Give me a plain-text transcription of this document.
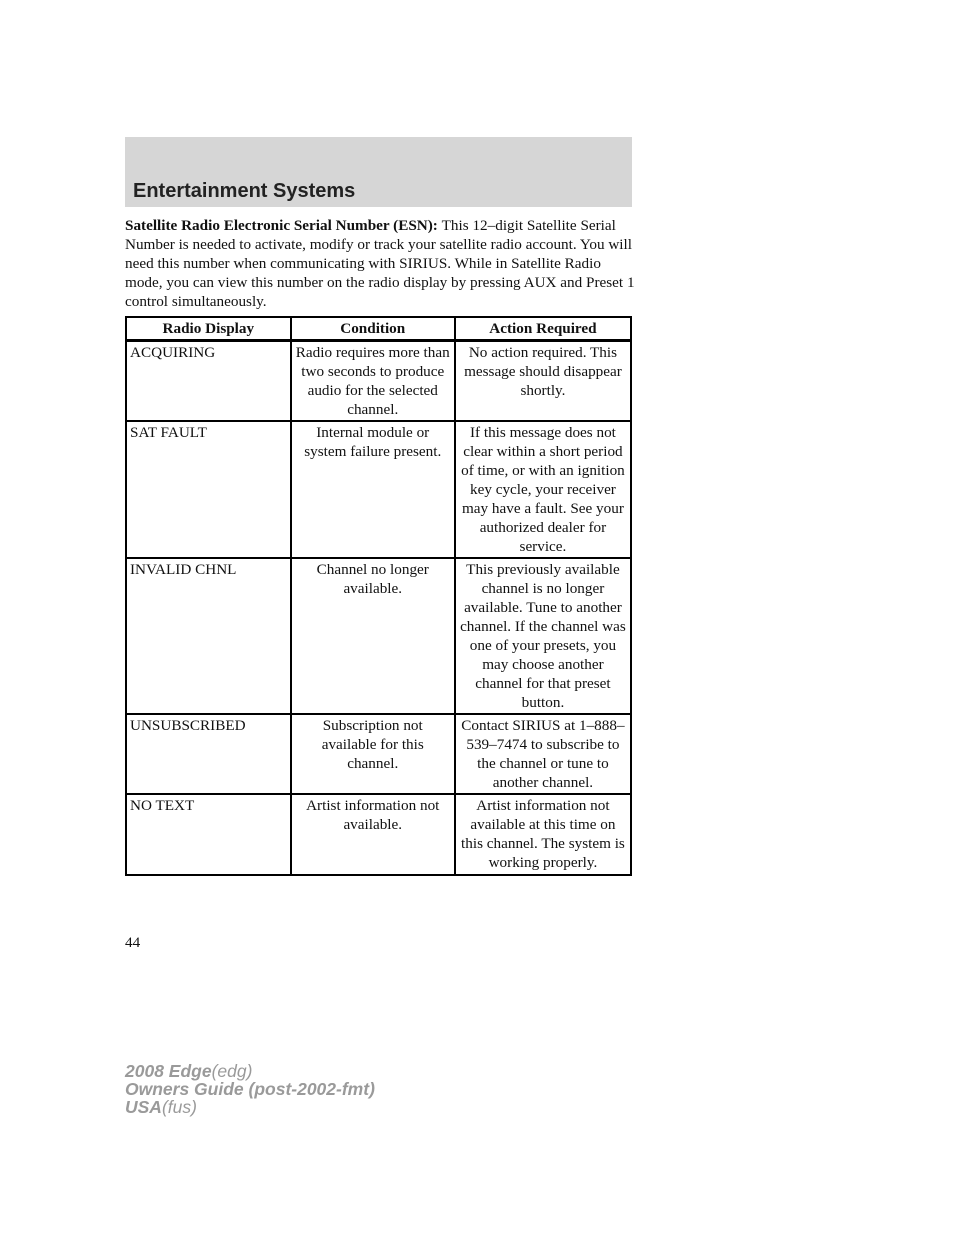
Entertainment Systems

Satellite Radio Electronic Serial Number (ESN): This 12–digit Satellite Serial Number is needed to activate, modify or track your satellite radio account. You will need this number when communicating with SIRIUS. While in Satellite Radio mode, you can view this number on the radio display by pressing AUX and Preset 1 control simultaneously.

Radio Display	Condition	Action Required
ACQUIRING	Radio requires more than two seconds to produce audio for the selected channel.	No action required. This message should disappear shortly.
SAT FAULT	Internal module or system failure present.	If this message does not clear within a short period of time, or with an ignition key cycle, your receiver may have a fault. See your authorized dealer for service.
INVALID CHNL	Channel no longer available.	This previously available channel is no longer available. Tune to another channel. If the channel was one of your presets, you may choose another channel for that preset button.
UNSUBSCRIBED	Subscription not available for this channel.	Contact SIRIUS at 1–888–539–7474 to subscribe to the channel or tune to another channel.
NO TEXT	Artist information not available.	Artist information not available at this time on this channel. The system is working properly.
44
2008 Edge(edg)
Owners Guide (post-2002-fmt)
USA(fus)
